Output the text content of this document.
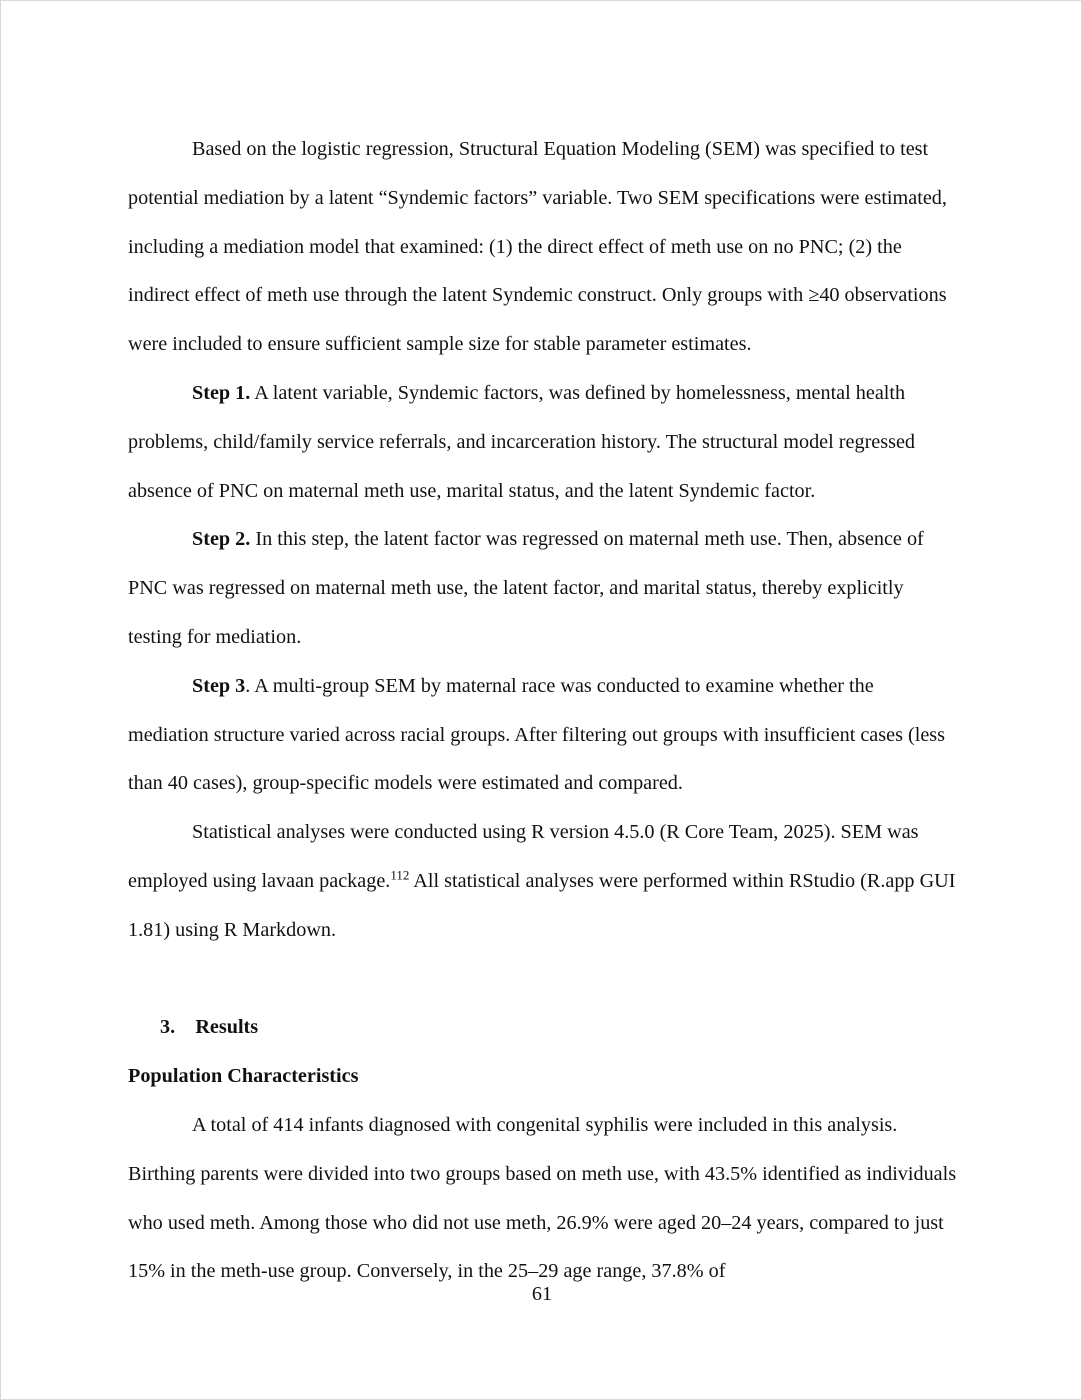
Based on the logistic regression, Structural Equation Modeling (SEM) was specified to test potential mediation by a latent “Syndemic factors” variable. Two SEM specifications were estimated, including a mediation model that examined: (1) the direct effect of meth use on no PNC; (2) the indirect effect of meth use through the latent Syndemic construct. Only groups with ≥40 observations were included to ensure sufficient sample size for stable parameter estimates.

Step 1. A latent variable, Syndemic factors, was defined by homelessness, mental health problems, child/family service referrals, and incarceration history. The structural model regressed absence of PNC on maternal meth use, marital status, and the latent Syndemic factor.

Step 2. In this step, the latent factor was regressed on maternal meth use. Then, absence of PNC was regressed on maternal meth use, the latent factor, and marital status, thereby explicitly testing for mediation.

Step 3. A multi-group SEM by maternal race was conducted to examine whether the mediation structure varied across racial groups. After filtering out groups with insufficient cases (less than 40 cases), group-specific models were estimated and compared.

Statistical analyses were conducted using R version 4.5.0 (R Core Team, 2025). SEM was employed using lavaan package.$^{112}$ All statistical analyses were performed within RStudio (R.app GUI 1.81) using R Markdown.

3. Results

Population Characteristics

A total of 414 infants diagnosed with congenital syphilis were included in this analysis. Birthing parents were divided into two groups based on meth use, with 43.5% identified as individuals who used meth. Among those who did not use meth, 26.9% were aged 20–24 years, compared to just 15% in the meth-use group. Conversely, in the 25–29 age range, 37.8% of

61
